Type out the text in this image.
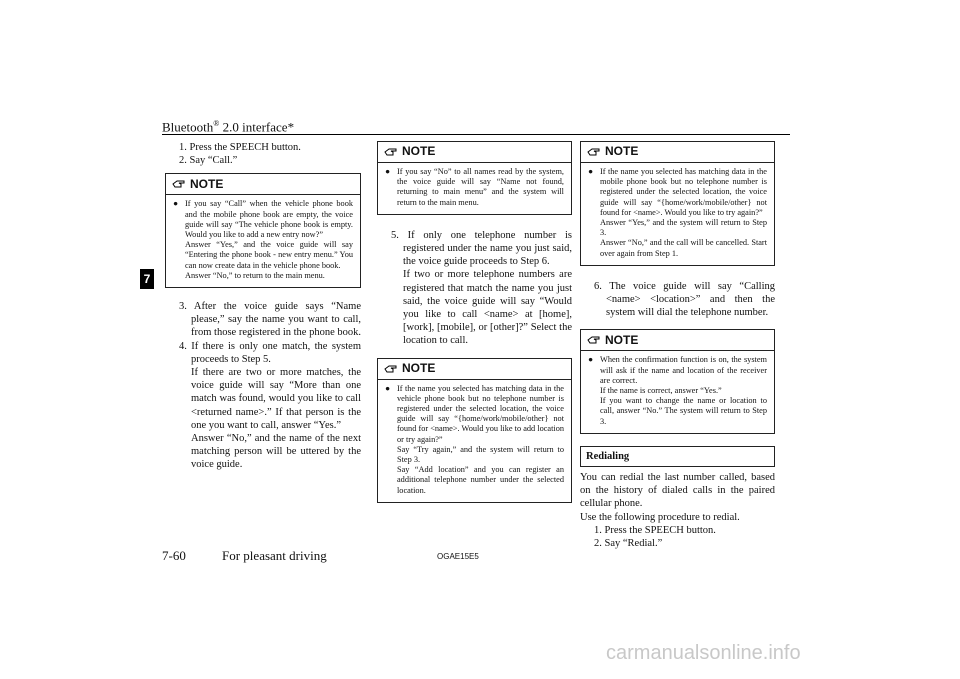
Bluetooth® 2.0 interface*
7

1. Press the SPEECH button.

2. Say “Call.”

NOTE
● If you say “Call” when the vehicle phone book and the mobile phone book are empty, the voice guide will say “The vehicle phone book is empty. Would you like to add a new entry now?”

Answer “Yes,” and the voice guide will say “Entering the phone book - new entry menu.” You can now create data in the vehicle phone book.

Answer “No,” to return to the main menu.

3. After the voice guide says “Name please,” say the name you want to call, from those registered in the phone book.

4. If there is only one match, the system proceeds to Step 5.

If there are two or more matches, the voice guide will say “More than one match was found, would you like to call <returned name>.” If that person is the one you want to call, answer “Yes.”

Answer “No,” and the name of the next matching person will be uttered by the voice guide.

NOTE
● If you say “No” to all names read by the system, the voice guide will say “Name not found, returning to main menu” and the system will return to the main menu.

5. If only one telephone number is registered under the name you just said, the voice guide proceeds to Step 6.

If two or more telephone numbers are registered that match the name you just said, the voice guide will say “Would you like to call <name> at [home], [work], [mobile], or [other]?” Select the location to call.

NOTE
● If the name you selected has matching data in the vehicle phone book but no telephone number is registered under the selected location, the voice guide will say “{home/work/mobile/other} not found for <name>. Would you like to add location or try again?”

Say “Try again,” and the system will return to Step 3.

Say “Add location” and you can register an additional telephone number under the selected location.

NOTE
● If the name you selected has matching data in the mobile phone book but no telephone number is registered under the selected location, the voice guide will say “{home/work/mobile/other} not found for <name>. Would you like to try again?”

Answer “Yes,” and the system will return to Step 3.

Answer “No,” and the call will be cancelled. Start over again from Step 1.

6. The voice guide will say “Calling <name> <location>” and then the system will dial the telephone number.

NOTE
● When the confirmation function is on, the system will ask if the name and location of the receiver are correct.

If the name is correct, answer “Yes.”

If you want to change the name or location to call, answer “No.” The system will return to Step 3.

Redialing

You can redial the last number called, based on the history of dialed calls in the paired cellular phone.

Use the following procedure to redial.

1. Press the SPEECH button.

2. Say “Redial.”

7-60	For pleasant driving	OGAE15E5
carmanualsonline.info
